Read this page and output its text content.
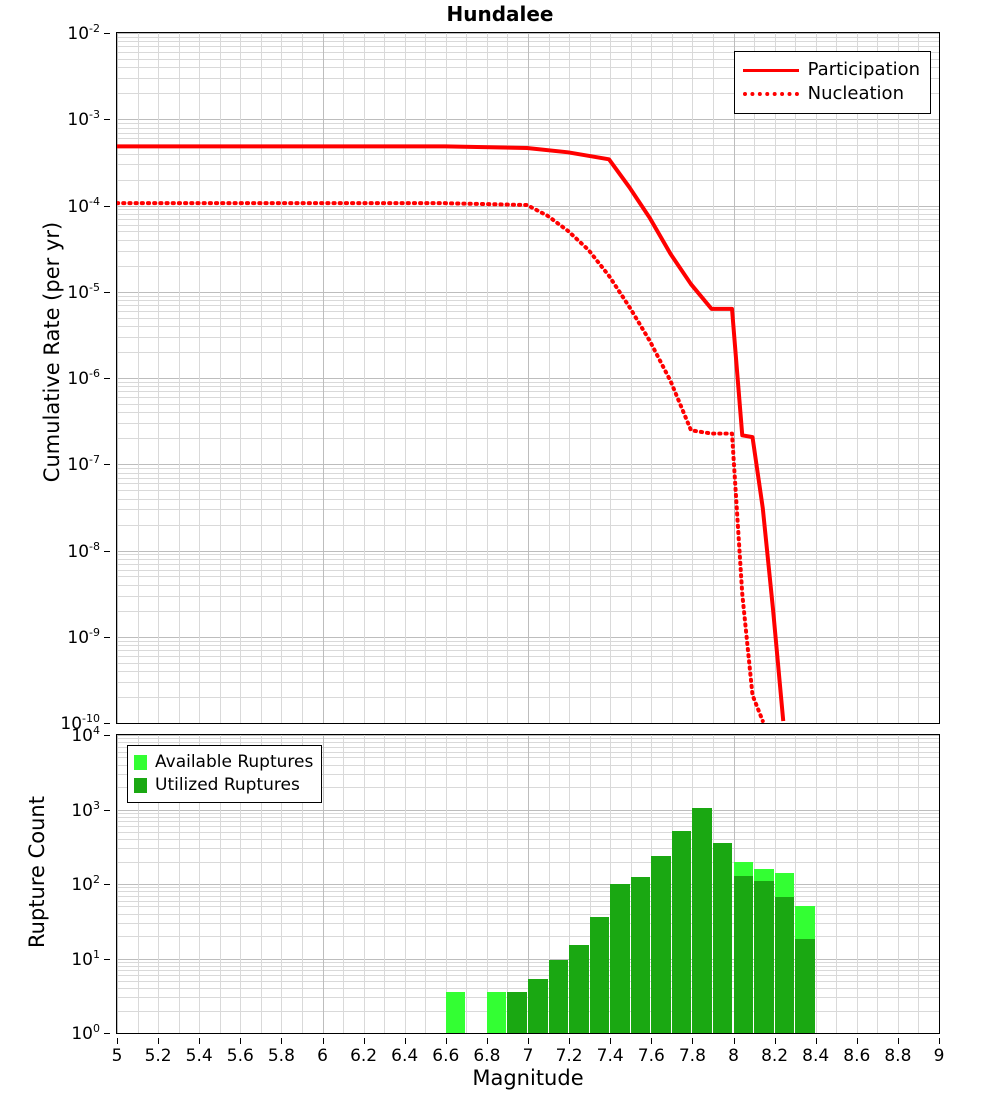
Hundalee
Participation
Nucleation
Available Ruptures
Utilized Ruptures
$10^{-2}$
$10^{-3}$
$10^{-4}$
$10^{-5}$
$10^{-6}$
$10^{-7}$
$10^{-8}$
$10^{-9}$
$10^{-10}$
$10^4$
$10^3$
$10^2$
$10^1$
$10^0$
Cumulative Rate (per yr)
Rupture Count
5 5.2 5.4 5.6 5.8 6 6.2 6.4 6.6 6.8 7 7.2 7.4 7.6 7.8 8 8.2 8.4 8.6 8.8 9
Magnitude
